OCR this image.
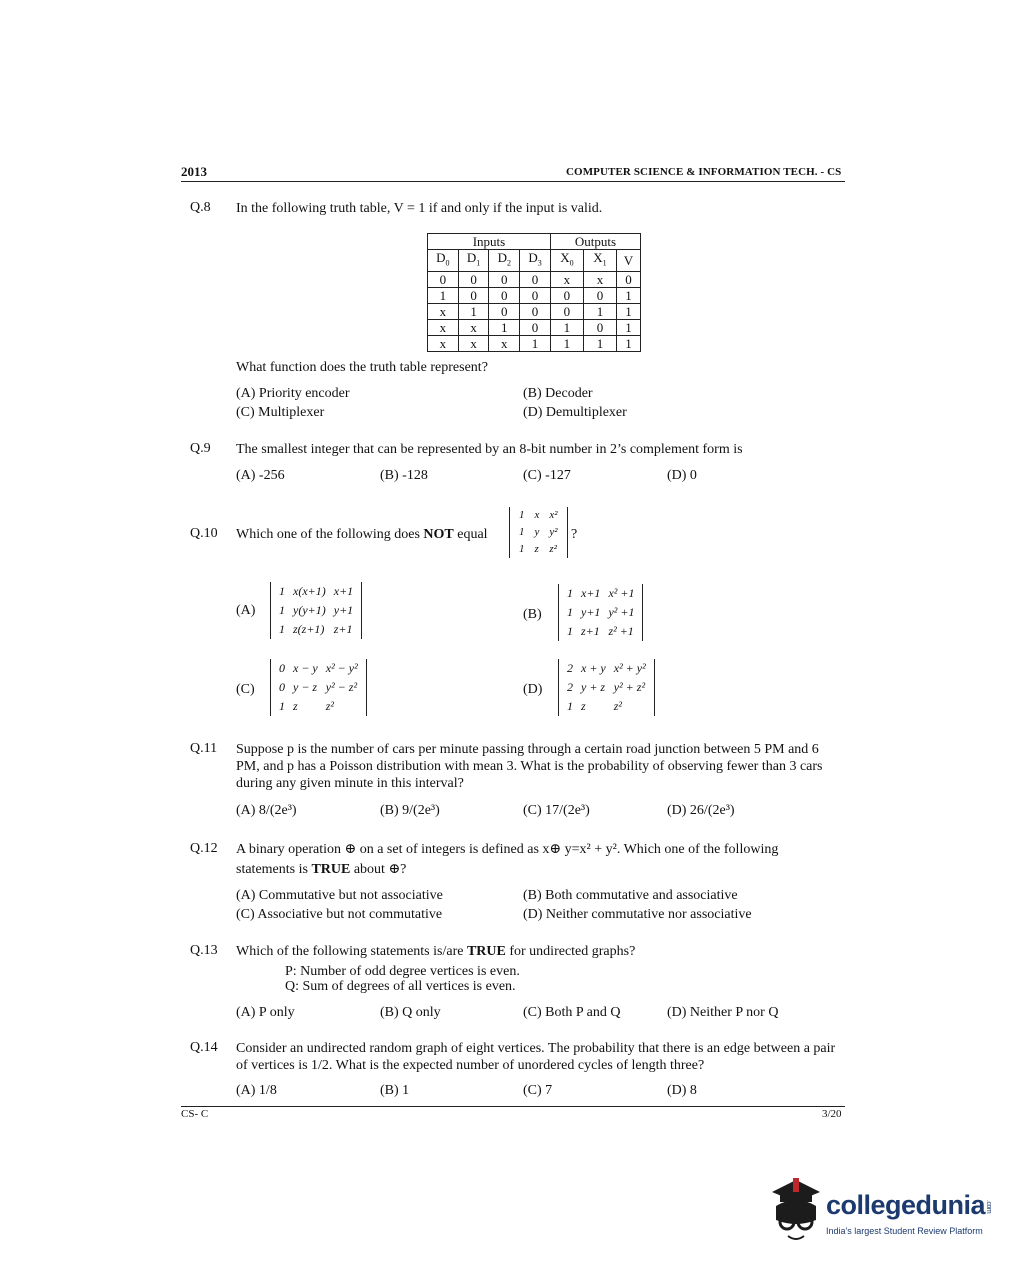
2013	COMPUTER SCIENCE & INFORMATION TECH. - CS
Q.8 In the following truth table, V = 1 if and only if the input is valid.
Inputs				Outputs		
$D_0$	$D_1$	$D_2$	$D_3$	$X_0$	$X_1$	V
0	0	0	0	x	x	0
1	0	0	0	0	0	1
x	1	0	0	0	1	1
x	x	1	0	1	0	1
x	x	x	1	1	1	1
What function does the truth table represent?
(A) Priority encoder	(B) Decoder
(C) Multiplexer	(D) Demultiplexer
Q.9 The smallest integer that can be represented by an 8-bit number in 2’s complement form is
(A) -256	(B) -128	(C) -127	(D) 0
Q.10 Which one of the following does NOT equal
1	x	x²
1	y	y²
1	z	z²
?
(A)
1	x(x+1)	x+1
1	y(y+1)	y+1
1	z(z+1)	z+1
(B)
1	x+1	x² +1
1	y+1	y² +1
1	z+1	z² +1
(C)
0	x − y	x² − y²
0	y − z	y² − z²
1	z	z²
(D)
2	x + y	x² + y²
2	y + z	y² + z²
1	z	z²
Q.11 Suppose p is the number of cars per minute passing through a certain road junction between 5 PM and 6 PM, and p has a Poisson distribution with mean 3. What is the probability of observing fewer than 3 cars during any given minute in this interval?
(A) 8/(2e³)	(B) 9/(2e³)	(C) 17/(2e³)	(D) 26/(2e³)
Q.12 A binary operation ⊕ on a set of integers is defined as x⊕ y=x² + y². Which one of the following
statements is TRUE about ⊕?
(A) Commutative but not associative	(B) Both commutative and associative
(C) Associative but not commutative	(D) Neither commutative nor associative
Q.13 Which of the following statements is/are TRUE for undirected graphs?
P: Number of odd degree vertices is even.
Q: Sum of degrees of all vertices is even.
(A) P only	(B) Q only	(C) Both P and Q	(D) Neither P nor Q
Q.14 Consider an undirected random graph of eight vertices. The probability that there is an edge between a pair of vertices is 1/2. What is the expected number of unordered cycles of length three?
(A) 1/8	(B) 1	(C) 7	(D) 8
CS- C	3/20
collegedunia.com
India's largest Student Review Platform
